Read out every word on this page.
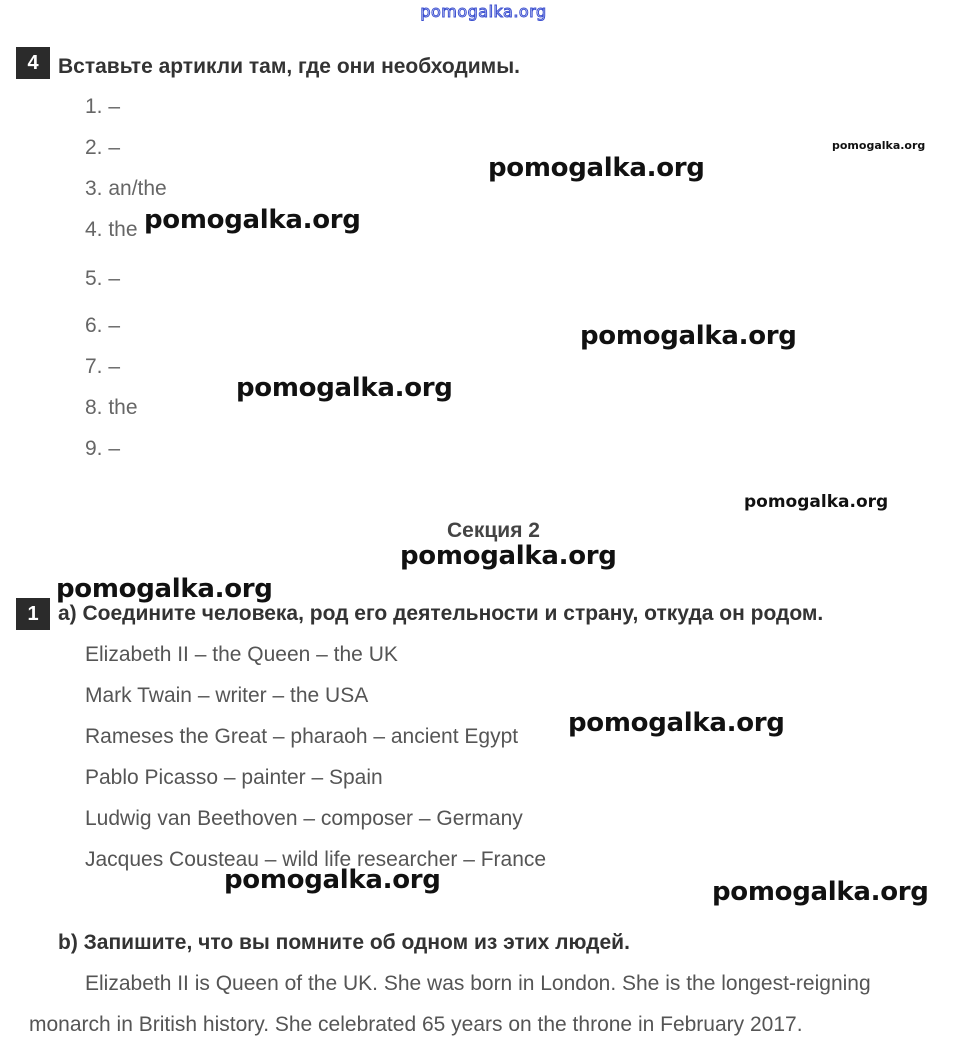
pomogalka.org
4 Вставьте артикли там, где они необходимы.
1. –
2. –
3. an/the
4. the
5. –
6. –
7. –
8. the
9. –
Секция 2
1 a) Соедините человека, род его деятельности и страну, откуда он родом.
Elizabeth II – the Queen – the UK
Mark Twain – writer – the USA
Rameses the Great – pharaoh – ancient Egypt
Pablo Picasso – painter – Spain
Ludwig van Beethoven – composer – Germany
Jacques Cousteau – wild life researcher – France
b) Запишите, что вы помните об одном из этих людей.
Elizabeth II is Queen of the UK. She was born in London. She is the longest-reigning
monarch in British history. She celebrated 65 years on the throne in February 2017.
pomogalka.org
pomogalka.org
pomogalka.org
pomogalka.org
pomogalka.org
pomogalka.org
pomogalka.org
pomogalka.org
pomogalka.org
pomogalka.org	pomogalka.org
